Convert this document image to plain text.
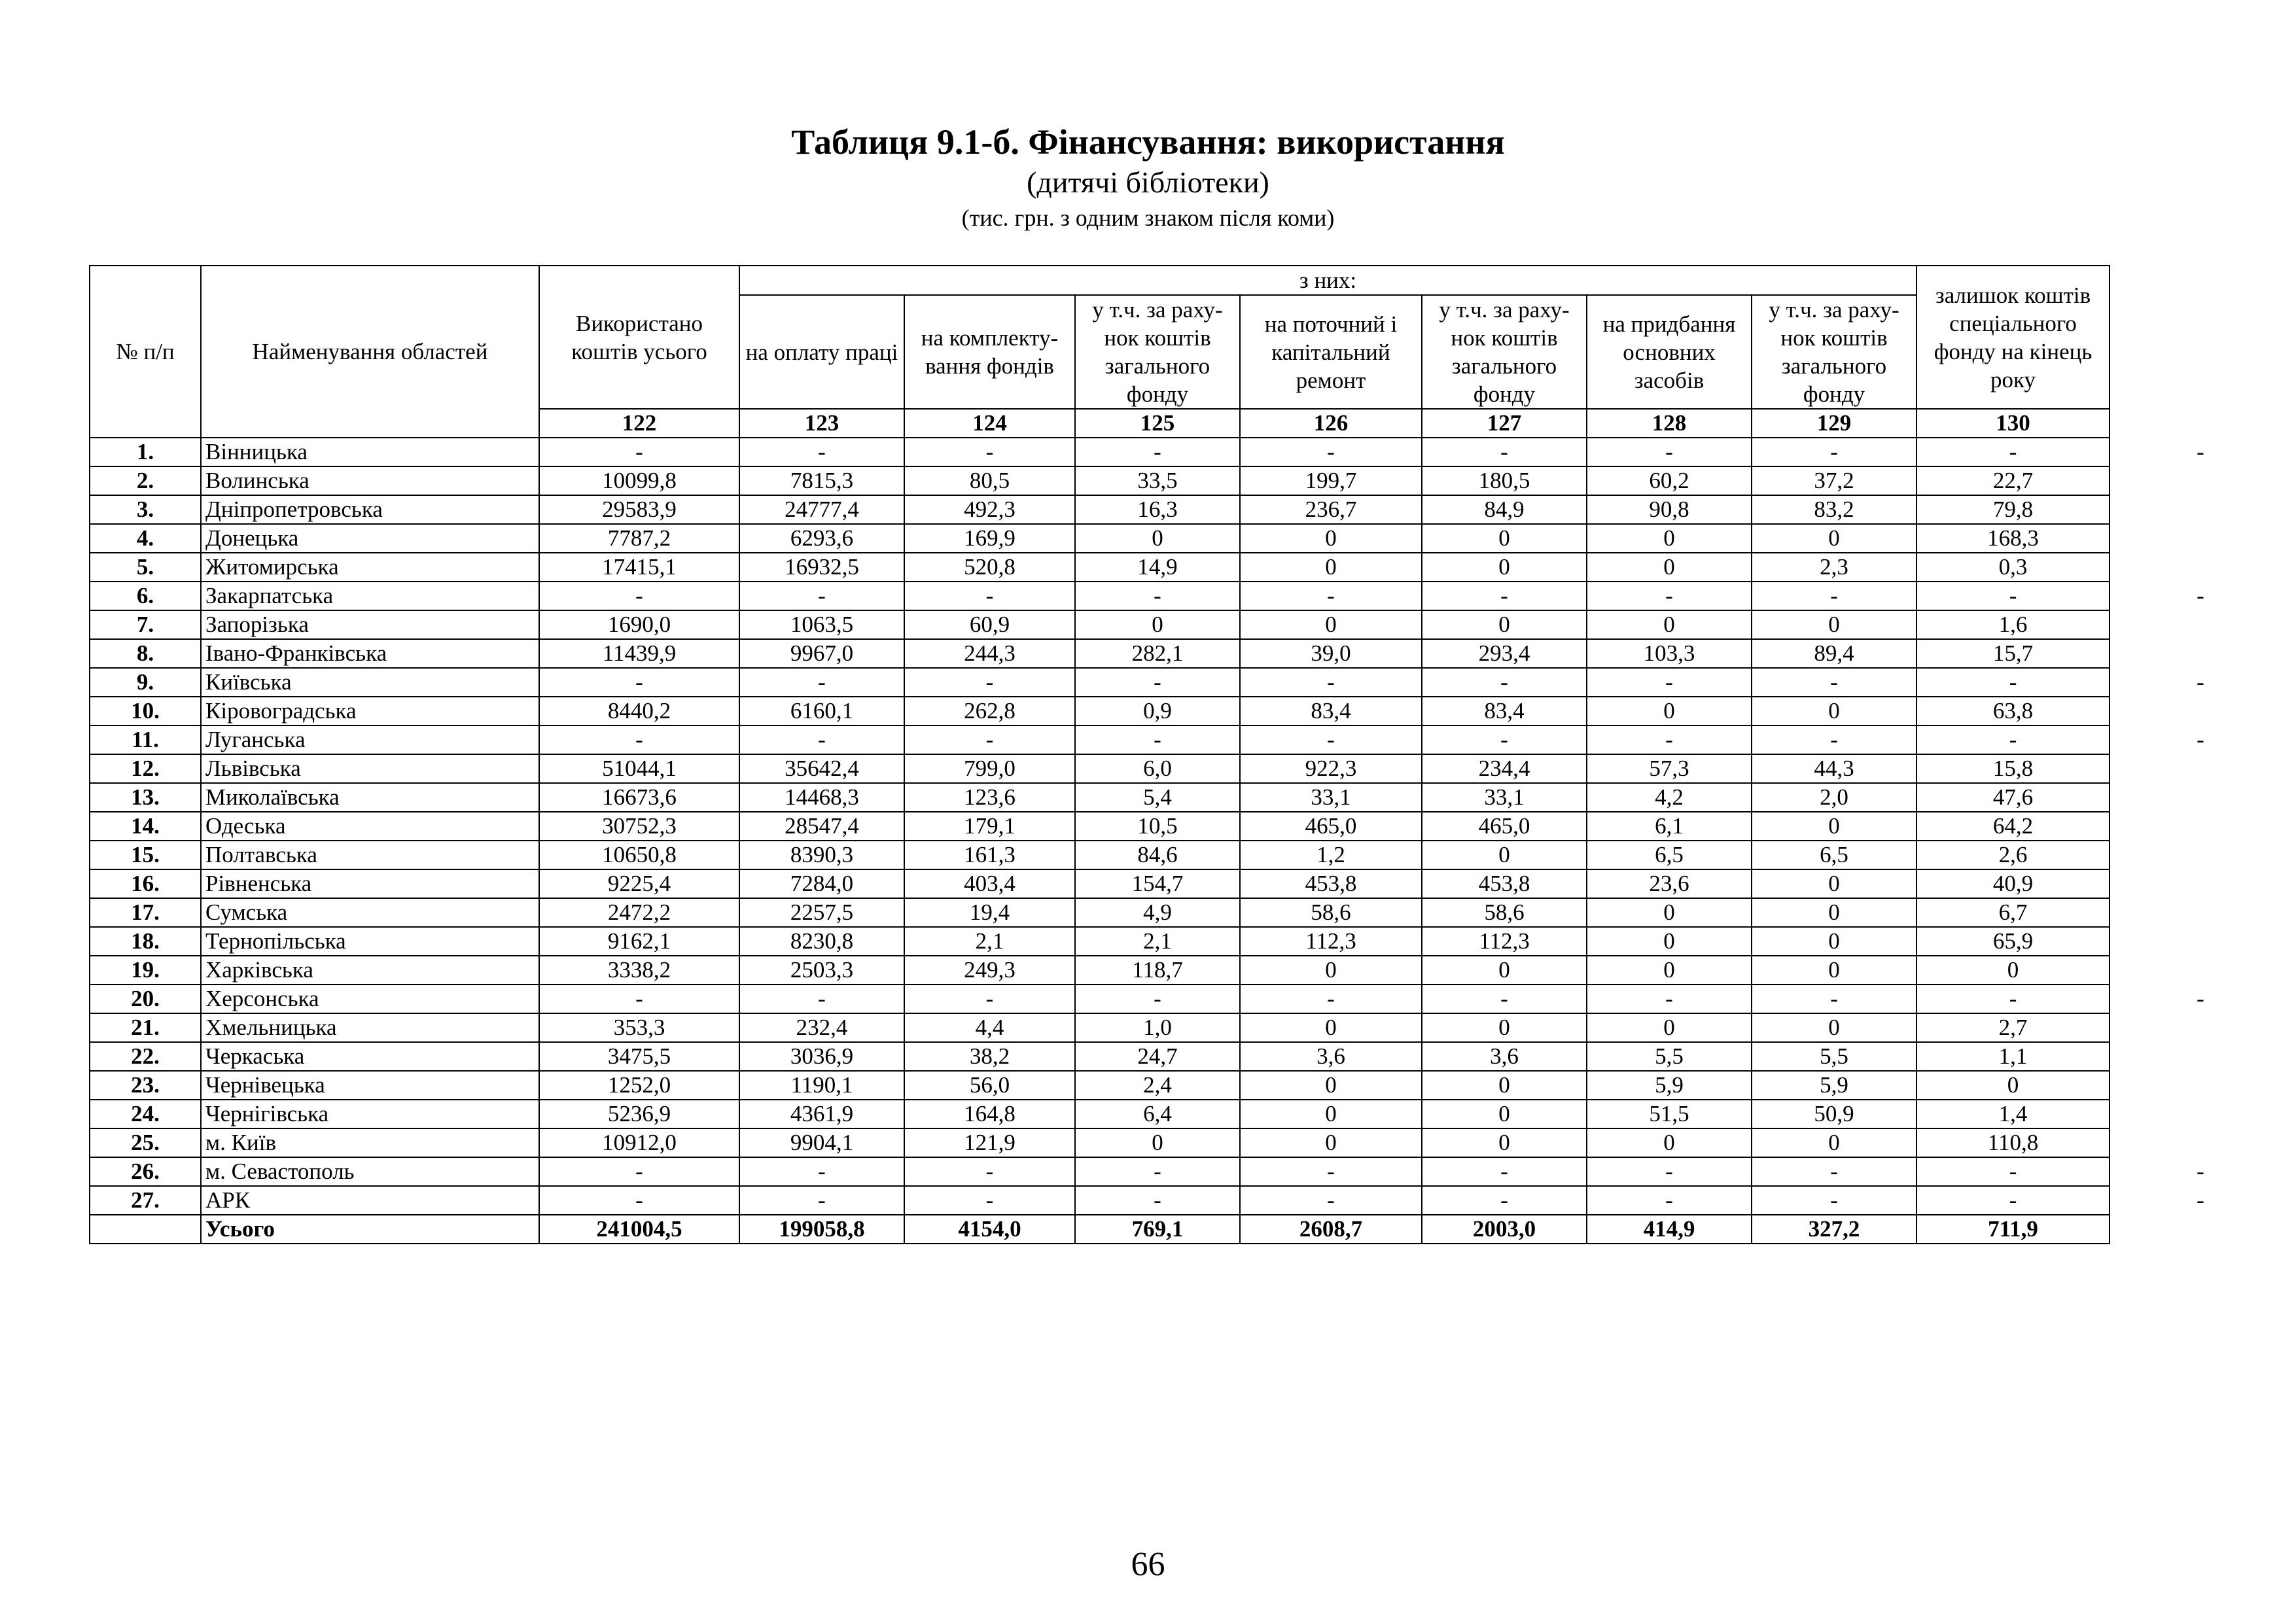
Таблиця 9.1-б. Фінансування: використання
(дитячі бібліотеки)
(тис. грн. з одним знаком після коми)
№ п/п	Найменування областей	Використано коштів усього	з них:							залишок коштів спеціального фонду на кінець року
			на оплату праці	на комплекту-вання фондів	у т.ч. за раху-нок коштів загального фонду	на поточний і капітальний ремонт	у т.ч. за раху-нок коштів загального фонду	на придбання основних засобів	у т.ч. за раху-нок коштів загального фонду	
		122	123	124	125	126	127	128	129	130
1.	Вінницька	-	-	-	-	-	-	-	-	-
2.	Волинська	10099,8	7815,3	80,5	33,5	199,7	180,5	60,2	37,2	22,7
3.	Дніпропетровська	29583,9	24777,4	492,3	16,3	236,7	84,9	90,8	83,2	79,8
4.	Донецька	7787,2	6293,6	169,9	0	0	0	0	0	168,3
5.	Житомирська	17415,1	16932,5	520,8	14,9	0	0	0	2,3	0,3
6.	Закарпатська	-	-	-	-	-	-	-	-	-
7.	Запорізька	1690,0	1063,5	60,9	0	0	0	0	0	1,6
8.	Івано-Франківська	11439,9	9967,0	244,3	282,1	39,0	293,4	103,3	89,4	15,7
9.	Київська	-	-	-	-	-	-	-	-	-
10.	Кіровоградська	8440,2	6160,1	262,8	0,9	83,4	83,4	0	0	63,8
11.	Луганська	-	-	-	-	-	-	-	-	-
12.	Львівська	51044,1	35642,4	799,0	6,0	922,3	234,4	57,3	44,3	15,8
13.	Миколаївська	16673,6	14468,3	123,6	5,4	33,1	33,1	4,2	2,0	47,6
14.	Одеська	30752,3	28547,4	179,1	10,5	465,0	465,0	6,1	0	64,2
15.	Полтавська	10650,8	8390,3	161,3	84,6	1,2	0	6,5	6,5	2,6
16.	Рівненська	9225,4	7284,0	403,4	154,7	453,8	453,8	23,6	0	40,9
17.	Сумська	2472,2	2257,5	19,4	4,9	58,6	58,6	0	0	6,7
18.	Тернопільська	9162,1	8230,8	2,1	2,1	112,3	112,3	0	0	65,9
19.	Харківська	3338,2	2503,3	249,3	118,7	0	0	0	0	0
20.	Херсонська	-	-	-	-	-	-	-	-	-
21.	Хмельницька	353,3	232,4	4,4	1,0	0	0	0	0	2,7
22.	Черкаська	3475,5	3036,9	38,2	24,7	3,6	3,6	5,5	5,5	1,1
23.	Чернівецька	1252,0	1190,1	56,0	2,4	0	0	5,9	5,9	0
24.	Чернігівська	5236,9	4361,9	164,8	6,4	0	0	51,5	50,9	1,4
25.	м. Київ	10912,0	9904,1	121,9	0	0	0	0	0	110,8
26.	м. Севастополь	-	-	-	-	-	-	-	-	-
27.	АРК	-	-	-	-	-	-	-	-	-
	Усього	241004,5	199058,8	4154,0	769,1	2608,7	2003,0	414,9	327,2	711,9
-
-
-
-
-
-
-
66
